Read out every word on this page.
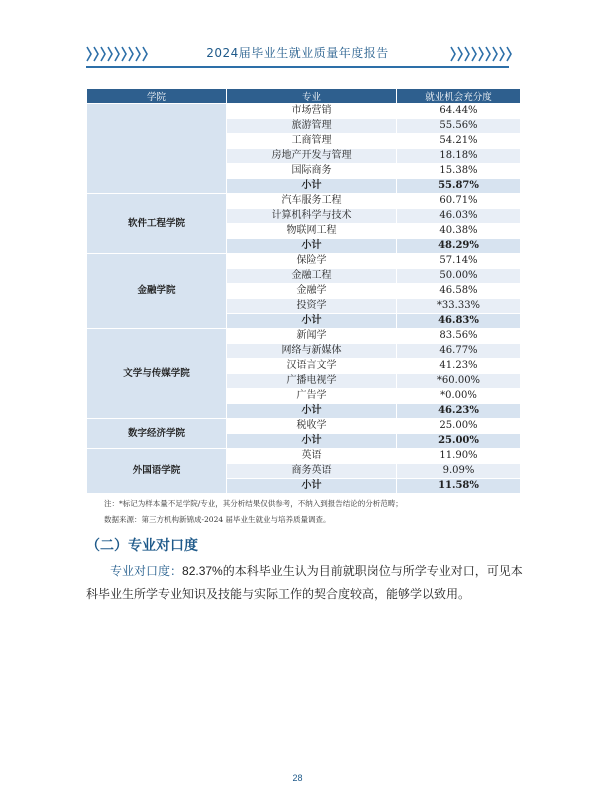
2024届毕业生就业质量年度报告
学院	专业	就业机会充分度
	市场营销	64.44%
	旅游管理	55.56%
	工商管理	54.21%
	房地产开发与管理	18.18%
	国际商务	15.38%
	小计	55.87%
软件工程学院	汽车服务工程	60.71%
	计算机科学与技术	46.03%
	物联网工程	40.38%
	小计	48.29%
金融学院	保险学	57.14%
	金融工程	50.00%
	金融学	46.58%
	投资学	*33.33%
	小计	46.83%
文学与传媒学院	新闻学	83.56%
	网络与新媒体	46.77%
	汉语言文学	41.23%
	广播电视学	*60.00%
	广告学	*0.00%
	小计	46.23%
数字经济学院	税收学	25.00%
	小计	25.00%
外国语学院	英语	11.90%
	商务英语	9.09%
	小计	11.58%
注：*标记为样本量不足学院/专业，其分析结果仅供参考，不纳入到报告结论的分析范畴；
数据来源：第三方机构新锦成-2024 届毕业生就业与培养质量调查。
（二）专业对口度
专业对口度：82.37%的本科毕业生认为目前就职岗位与所学专业对口，可见本科毕业生所学专业知识及技能与实际工作的契合度较高，能够学以致用。
28
